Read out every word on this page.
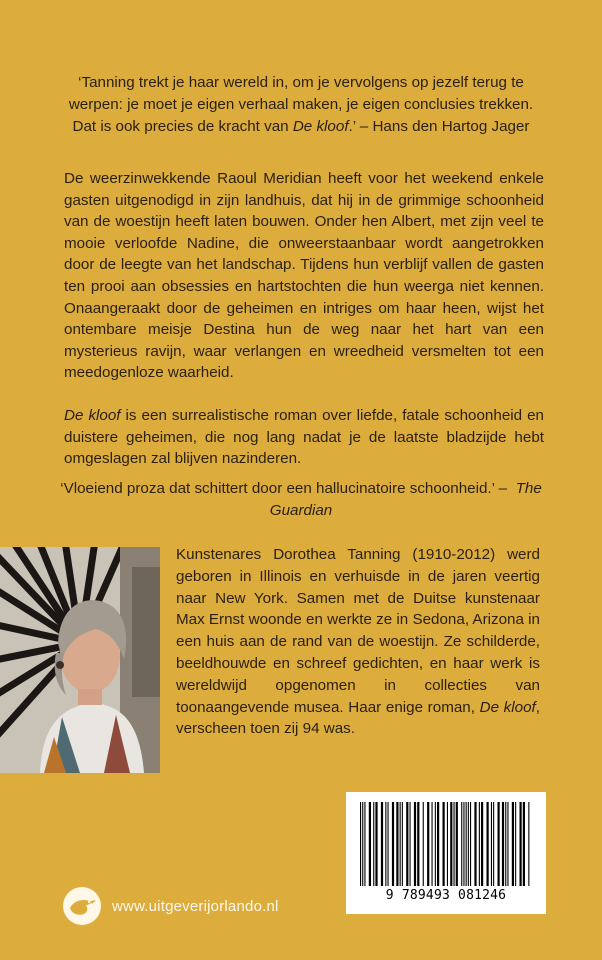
‘Tanning trekt je haar wereld in, om je vervolgens op jezelf terug te werpen: je moet je eigen verhaal maken, je eigen conclusies trekken. Dat is ook precies de kracht van De kloof.’ – Hans den Hartog Jager

De weerzinwekkende Raoul Meridian heeft voor het weekend enkele gasten uitgenodigd in zijn landhuis, dat hij in de grimmige schoonheid van de woestijn heeft laten bouwen. Onder hen Albert, met zijn veel te mooie verloofde Nadine, die onweerstaanbaar wordt aangetrokken door de leegte van het landschap. Tijdens hun verblijf vallen de gasten ten prooi aan obsessies en hartstochten die hun weerga niet kennen. Onaangeraakt door de geheimen en intriges om haar heen, wijst het ontembare meisje Destina hun de weg naar het hart van een mysterieus ravijn, waar verlangen en wreedheid versmelten tot een meedogenloze waarheid.

De kloof is een surrealistische roman over liefde, fatale schoonheid en duistere geheimen, die nog lang nadat je de laatste bladzijde hebt omgeslagen zal blijven nazinderen.

‘Vloeiend proza dat schittert door een hallucinatoire schoonheid.’ – The Guardian

Kunstenares Dorothea Tanning (1910-2012) werd geboren in Illinois en verhuisde in de jaren veertig naar New York. Samen met de Duitse kunstenaar Max Ernst woonde en werkte ze in Sedona, Arizona in een huis aan de rand van de woestijn. Ze schilderde, beeldhouwde en schreef gedichten, en haar werk is wereldwijd opgenomen in collecties van toonaangevende musea. Haar enige roman, De kloof, verscheen toen zij 94 was.

9 789493 081246
www.uitgeverijorlando.nl
